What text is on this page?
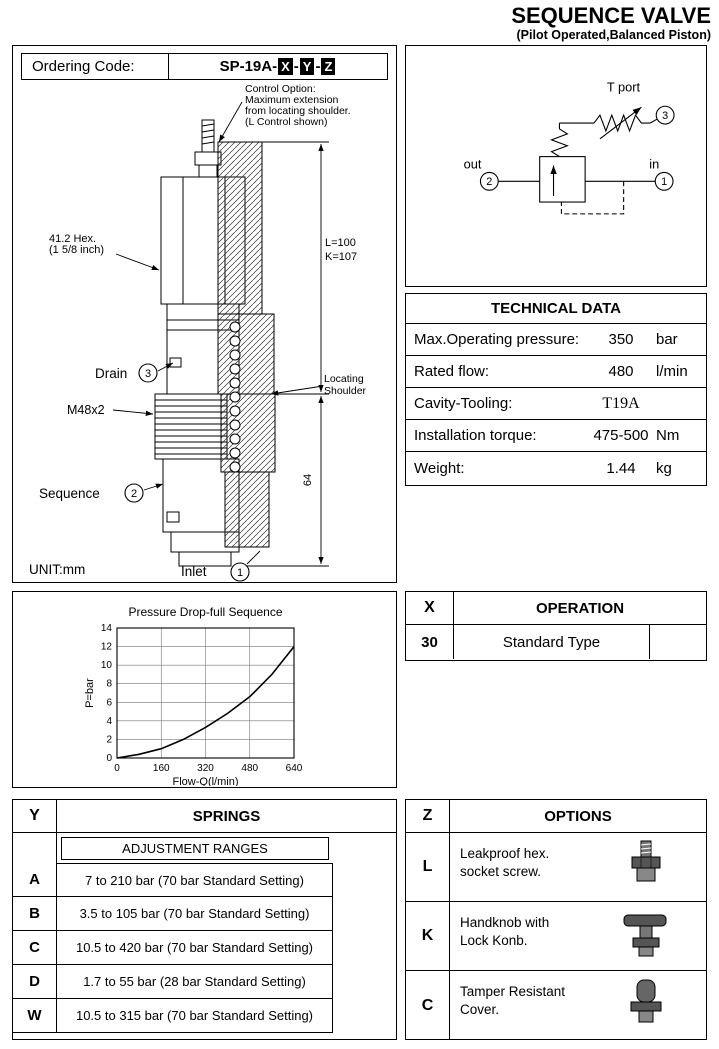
SEQUENCE VALVE
(Pilot Operated,Balanced Piston)
Ordering Code:	SP-19A- X - Y - Z
Control Option:
Maximum extension
from locating shoulder.
(L Control shown)
41.2 Hex.
(1 5/8 inch)
Drain 3
M48x2
Sequence	2
UNIT:mm	Inlet	1
L=100
K=107
Locating
Shoulder
64
T port
out	in
2	1
3
TECHNICAL DATA
Max.Operating pressure:	350	bar
Rated flow:	480	l/min
Cavity-Tooling:	T19A
Installation torque:	475-500 Nm
Weight:	1.44	kg
0	160	320	480	640
0
2
4
6
8
10
12
14
Pressure Drop-full Sequence
Flow-Q(l/min)
P=bar
X	OPERATION
30	Standard Type
Y	SPRINGS
ADJUSTMENT RANGES
A	7 to 210 bar (70 bar Standard Setting)
B	3.5 to 105 bar (70 bar Standard Setting)
C	10.5 to 420 bar (70 bar Standard Setting)
D	1.7 to 55 bar (28 bar Standard Setting)
W	10.5 to 315 bar (70 bar Standard Setting)
Z	OPTIONS
L
Leakproof hex.
socket screw.
K
Handknob with
Lock Konb.
C
Tamper Resistant
Cover.
